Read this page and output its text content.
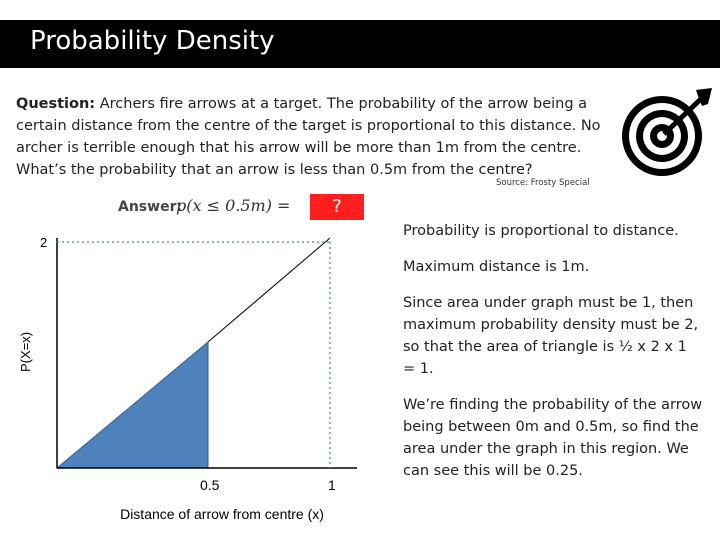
Probability Density
Question: Archers fire arrows at a target. The probability of the arrow being a certain distance from the centre of the target is proportional to this distance. No archer is terrible enough that his arrow will be more than 1m from the centre. What’s the probability that an arrow is less than 0.5m from the centre?
Source: Frosty Special
Answer:
p(x ≤ 0.5m) =	?
2
P(X=x)
0.5	1
Distance of arrow from centre (x)

Probability is proportional to distance.

Maximum distance is 1m.

Since area under graph must be 1, then maximum probability density must be 2, so that the area of triangle is ½ x 2 x 1 = 1.

We’re finding the probability of the arrow being between 0m and 0.5m, so find the area under the graph in this region. We can see this will be 0.25.
